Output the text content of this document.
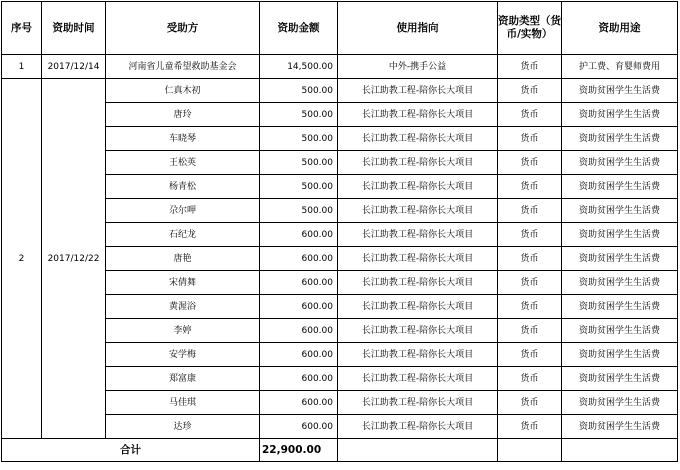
序号	资助时间	受助方	资助金额	使用指向	资助类型（货币/实物）	资助用途
1	2017/12/14	河南省儿童希望救助基金会	14,500.00	中外-携手公益	货币	护工费、育婴师费用
2	2017/12/22	仁真木初	500.00	长江助教工程-陪你长大项目	货币	资助贫困学生生活费
		唐玲	500.00	长江助教工程-陪你长大项目	货币	资助贫困学生生活费
		车晓琴	500.00	长江助教工程-陪你长大项目	货币	资助贫困学生生活费
		王松英	500.00	长江助教工程-陪你长大项目	货币	资助贫困学生生活费
		杨青松	500.00	长江助教工程-陪你长大项目	货币	资助贫困学生生活费
		尕尔呷	500.00	长江助教工程-陪你长大项目	货币	资助贫困学生生活费
		石纪龙	600.00	长江助教工程-陪你长大项目	货币	资助贫困学生生活费
		唐艳	600.00	长江助教工程-陪你长大项目	货币	资助贫困学生生活费
		宋倩舞	600.00	长江助教工程-陪你长大项目	货币	资助贫困学生生活费
		黄渥浴	600.00	长江助教工程-陪你长大项目	货币	资助贫困学生生活费
		李婷	600.00	长江助教工程-陪你长大项目	货币	资助贫困学生生活费
		安学梅	600.00	长江助教工程-陪你长大项目	货币	资助贫困学生生活费
		郑富康	600.00	长江助教工程-陪你长大项目	货币	资助贫困学生生活费
		马佳琪	600.00	长江助教工程-陪你长大项目	货币	资助贫困学生生活费
		达珍	600.00	长江助教工程-陪你长大项目	货币	资助贫困学生生活费
合计			22,900.00			
